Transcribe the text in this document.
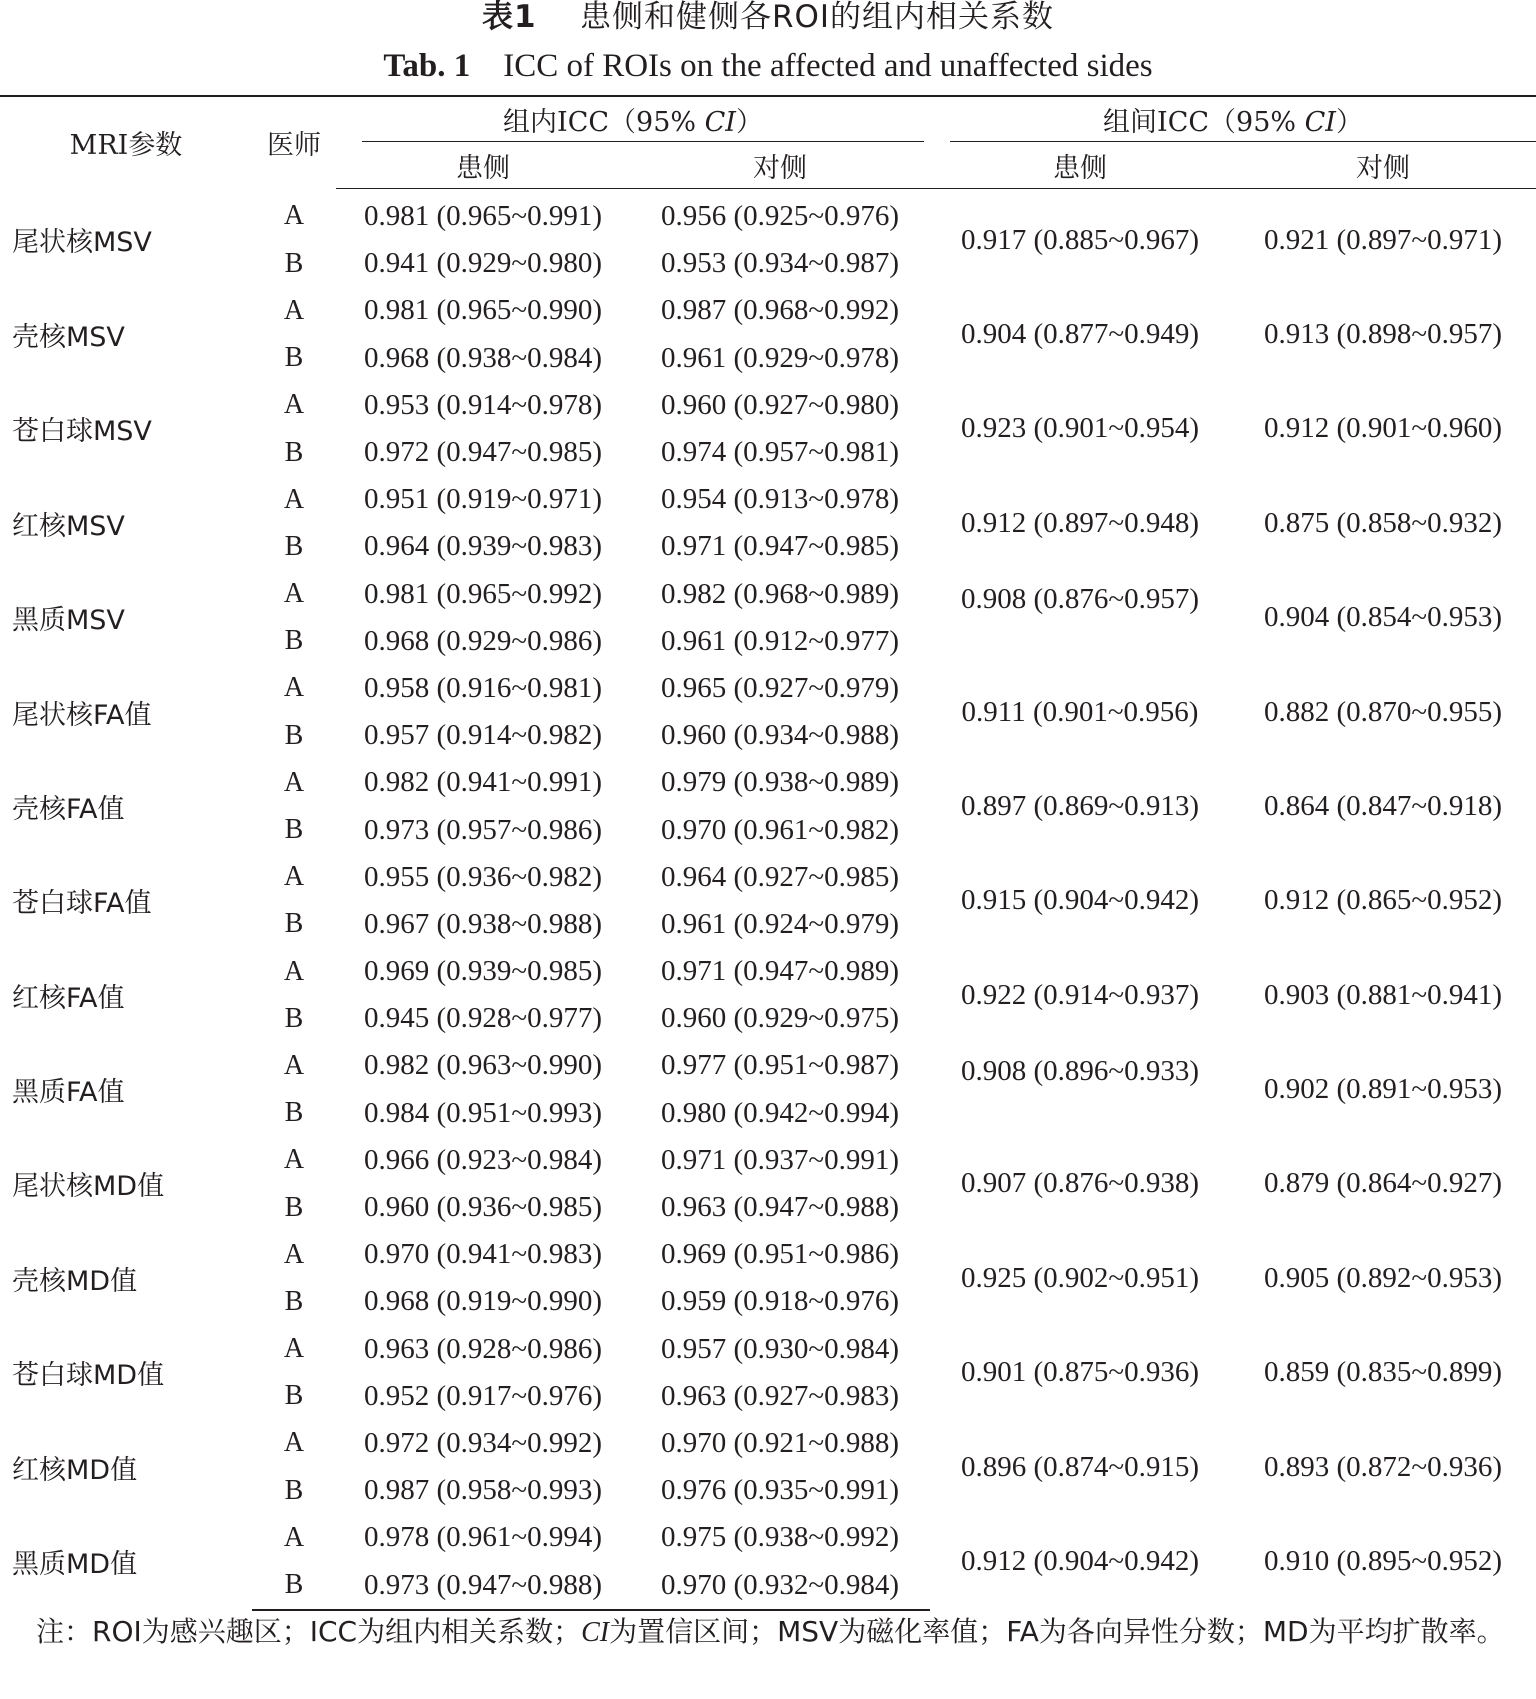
表1 患侧和健侧各ROI的组内相关系数
Tab. 1 ICC of ROIs on the affected and unaffected sides
MRI参数	医师	组内ICC（95% CI）		组间ICC（95% CI）	
		患侧	对侧	患侧	对侧
尾状核MSV	A	0.981 (0.965~0.991)	0.956 (0.925~0.976)	0.917 (0.885~0.967)	0.921 (0.897~0.971)
	B	0.941 (0.929~0.980)	0.953 (0.934~0.987)		
壳核MSV	A	0.981 (0.965~0.990)	0.987 (0.968~0.992)	0.904 (0.877~0.949)	0.913 (0.898~0.957)
	B	0.968 (0.938~0.984)	0.961 (0.929~0.978)		
苍白球MSV	A	0.953 (0.914~0.978)	0.960 (0.927~0.980)	0.923 (0.901~0.954)	0.912 (0.901~0.960)
	B	0.972 (0.947~0.985)	0.974 (0.957~0.981)		
红核MSV	A	0.951 (0.919~0.971)	0.954 (0.913~0.978)	0.912 (0.897~0.948)	0.875 (0.858~0.932)
	B	0.964 (0.939~0.983)	0.971 (0.947~0.985)		
黑质MSV	A	0.981 (0.965~0.992)	0.982 (0.968~0.989)	0.908 (0.876~0.957)	0.904 (0.854~0.953)
	B	0.968 (0.929~0.986)	0.961 (0.912~0.977)		
尾状核FA值	A	0.958 (0.916~0.981)	0.965 (0.927~0.979)	0.911 (0.901~0.956)	0.882 (0.870~0.955)
	B	0.957 (0.914~0.982)	0.960 (0.934~0.988)		
壳核FA值	A	0.982 (0.941~0.991)	0.979 (0.938~0.989)	0.897 (0.869~0.913)	0.864 (0.847~0.918)
	B	0.973 (0.957~0.986)	0.970 (0.961~0.982)		
苍白球FA值	A	0.955 (0.936~0.982)	0.964 (0.927~0.985)	0.915 (0.904~0.942)	0.912 (0.865~0.952)
	B	0.967 (0.938~0.988)	0.961 (0.924~0.979)		
红核FA值	A	0.969 (0.939~0.985)	0.971 (0.947~0.989)	0.922 (0.914~0.937)	0.903 (0.881~0.941)
	B	0.945 (0.928~0.977)	0.960 (0.929~0.975)		
黑质FA值	A	0.982 (0.963~0.990)	0.977 (0.951~0.987)	0.908 (0.896~0.933)	0.902 (0.891~0.953)
	B	0.984 (0.951~0.993)	0.980 (0.942~0.994)		
尾状核MD值	A	0.966 (0.923~0.984)	0.971 (0.937~0.991)	0.907 (0.876~0.938)	0.879 (0.864~0.927)
	B	0.960 (0.936~0.985)	0.963 (0.947~0.988)		
壳核MD值	A	0.970 (0.941~0.983)	0.969 (0.951~0.986)	0.925 (0.902~0.951)	0.905 (0.892~0.953)
	B	0.968 (0.919~0.990)	0.959 (0.918~0.976)		
苍白球MD值	A	0.963 (0.928~0.986)	0.957 (0.930~0.984)	0.901 (0.875~0.936)	0.859 (0.835~0.899)
	B	0.952 (0.917~0.976)	0.963 (0.927~0.983)		
红核MD值	A	0.972 (0.934~0.992)	0.970 (0.921~0.988)	0.896 (0.874~0.915)	0.893 (0.872~0.936)
	B	0.987 (0.958~0.993)	0.976 (0.935~0.991)		
黑质MD值	A	0.978 (0.961~0.994)	0.975 (0.938~0.992)	0.912 (0.904~0.942)	0.910 (0.895~0.952)
	B	0.973 (0.947~0.988)	0.970 (0.932~0.984)		
注：ROI为感兴趣区；ICC为组内相关系数；CI为置信区间；MSV为磁化率值；FA为各向异性分数；MD为平均扩散率。
